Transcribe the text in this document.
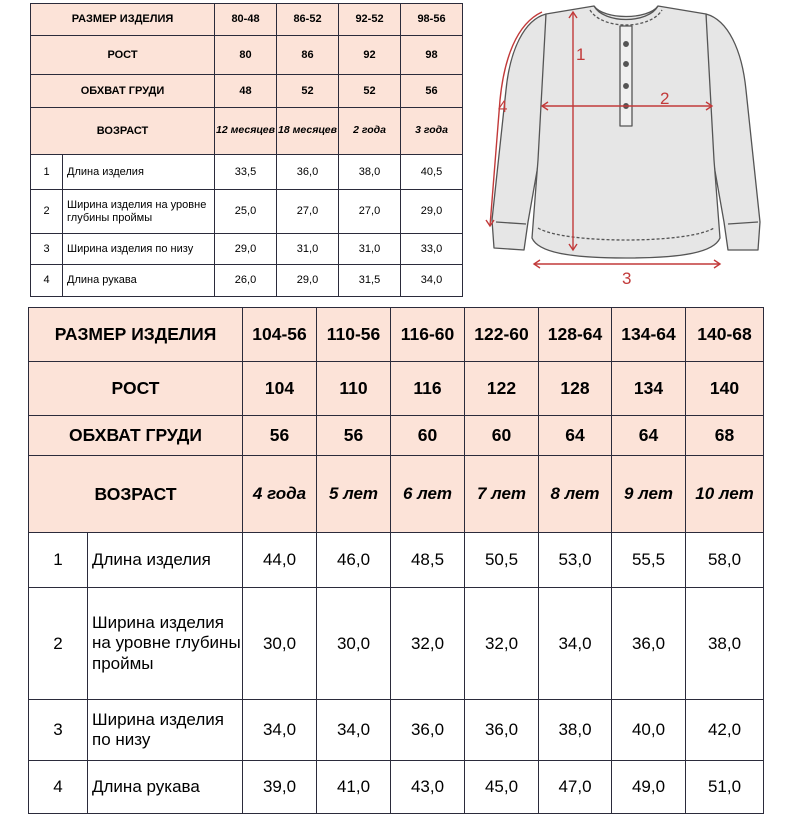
РАЗМЕР ИЗДЕЛИЯ		80-48	86-52	92-52	98-56
РОСТ		80	86	92	98
ОБХВАТ ГРУДИ		48	52	52	56
ВОЗРАСТ		12 месяцев	18 месяцев	2 года	3 года
1	Длина изделия	33,5	36,0	38,0	40,5
2	Ширина изделия на уровне глубины проймы	25,0	27,0	27,0	29,0
3	Ширина изделия по низу	29,0	31,0	31,0	33,0
4	Длина рукава	26,0	29,0	31,5	34,0
РАЗМЕР ИЗДЕЛИЯ		104-56	110-56	116-60	122-60	128-64	134-64	140-68
РОСТ		104	110	116	122	128	134	140
ОБХВАТ ГРУДИ		56	56	60	60	64	64	68
ВОЗРАСТ		4 года	5 лет	6 лет	7 лет	8 лет	9 лет	10 лет
1	Длина изделия	44,0	46,0	48,5	50,5	53,0	55,5	58,0
2	Ширина изделия на уровне глубины проймы	30,0	30,0	32,0	32,0	34,0	36,0	38,0
3	Ширина изделия по низу	34,0	34,0	36,0	36,0	38,0	40,0	42,0
4	Длина рукава	39,0	41,0	43,0	45,0	47,0	49,0	51,0
1
2
3
4
